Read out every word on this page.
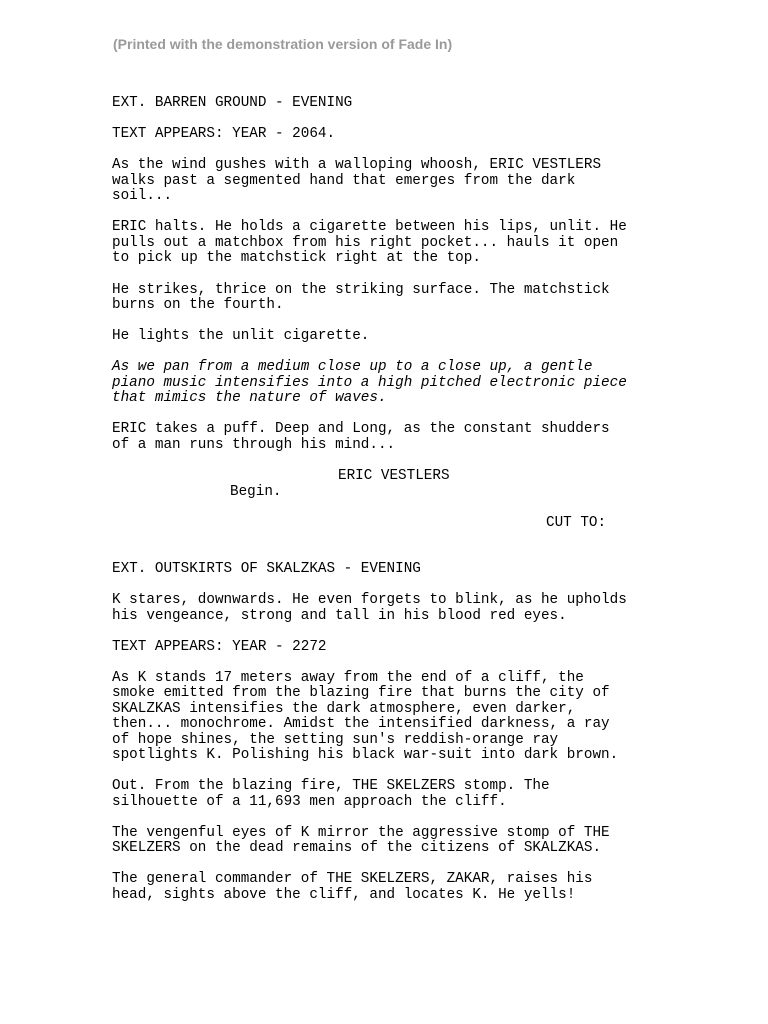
(Printed with the demonstration version of Fade In)
EXT. BARREN GROUND - EVENING
TEXT APPEARS: YEAR - 2064.
As the wind gushes with a walloping whoosh, ERIC VESTLERS
walks past a segmented hand that emerges from the dark
soil...
ERIC halts. He holds a cigarette between his lips, unlit. He
pulls out a matchbox from his right pocket... hauls it open
to pick up the matchstick right at the top.
He strikes, thrice on the striking surface. The matchstick
burns on the fourth.
He lights the unlit cigarette.
As we pan from a medium close up to a close up, a gentle
piano music intensifies into a high pitched electronic piece
that mimics the nature of waves.
ERIC takes a puff. Deep and Long, as the constant shudders
of a man runs through his mind...
ERIC VESTLERS
Begin.
CUT TO:
EXT. OUTSKIRTS OF SKALZKAS - EVENING
K stares, downwards. He even forgets to blink, as he upholds
his vengeance, strong and tall in his blood red eyes.
TEXT APPEARS: YEAR - 2272
As K stands 17 meters away from the end of a cliff, the
smoke emitted from the blazing fire that burns the city of
SKALZKAS intensifies the dark atmosphere, even darker,
then... monochrome. Amidst the intensified darkness, a ray
of hope shines, the setting sun's reddish-orange ray
spotlights K. Polishing his black war-suit into dark brown.
Out. From the blazing fire, THE SKELZERS stomp. The
silhouette of a 11,693 men approach the cliff.
The vengenful eyes of K mirror the aggressive stomp of THE
SKELZERS on the dead remains of the citizens of SKALZKAS.
The general commander of THE SKELZERS, ZAKAR, raises his
head, sights above the cliff, and locates K. He yells!
